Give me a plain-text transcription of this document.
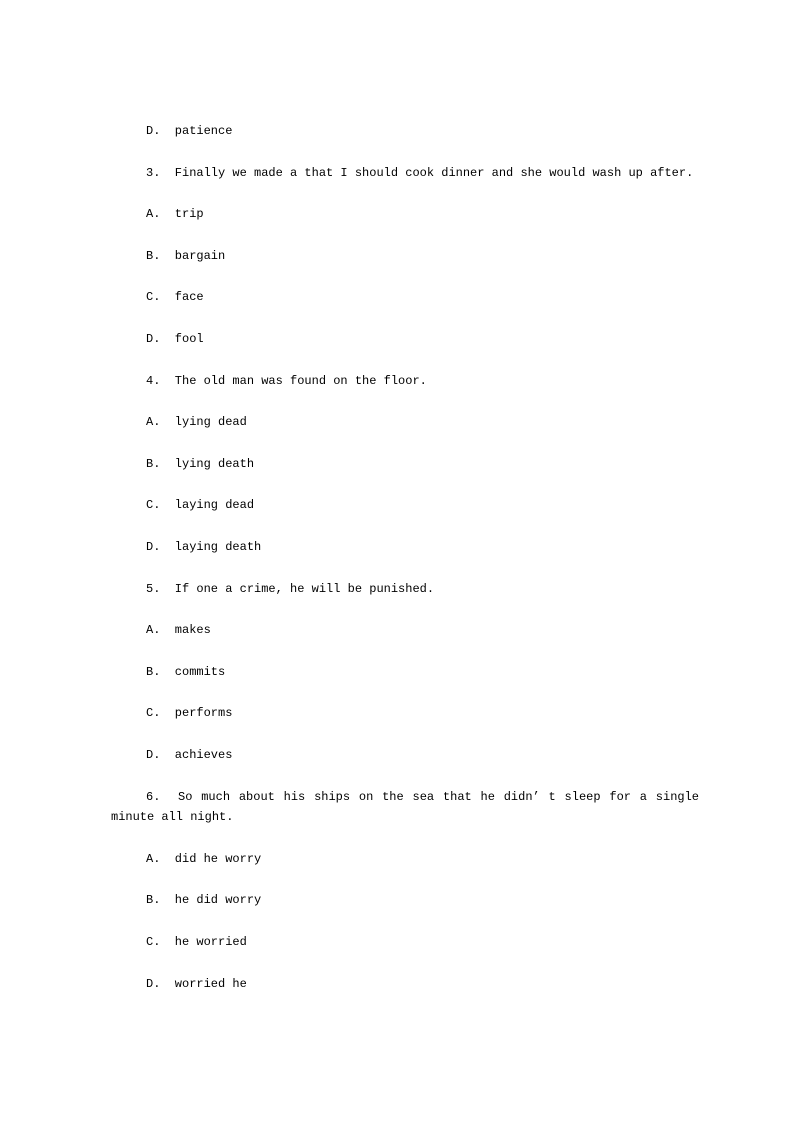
D.  patience

3.  Finally we made a that I should cook dinner and she would wash up after.

A.  trip

B.  bargain

C.  face

D.  fool

4.  The old man was found on the floor.

A.  lying dead

B.  lying death

C.  laying dead

D.  laying death

5.  If one a crime, he will be punished.

A.  makes

B.  commits

C.  performs

D.  achieves

6.  So much about his ships on the sea that he didn’ t sleep for a single minute all night.

A.  did he worry

B.  he did worry

C.  he worried

D.  worried he
